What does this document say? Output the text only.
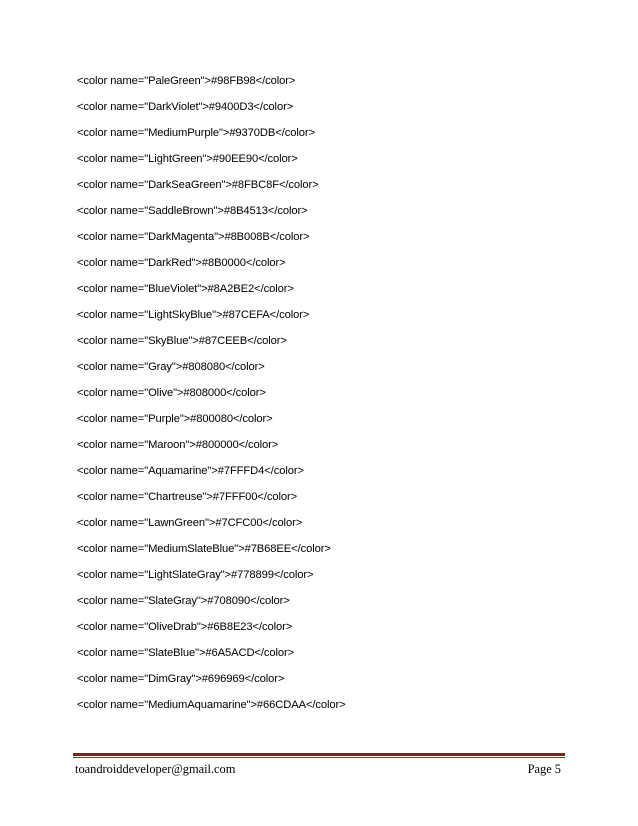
<color name="PaleGreen">#98FB98</color>
<color name="DarkViolet">#9400D3</color>
<color name="MediumPurple">#9370DB</color>
<color name="LightGreen">#90EE90</color>
<color name="DarkSeaGreen">#8FBC8F</color>
<color name="SaddleBrown">#8B4513</color>
<color name="DarkMagenta">#8B008B</color>
<color name="DarkRed">#8B0000</color>
<color name="BlueViolet">#8A2BE2</color>
<color name="LightSkyBlue">#87CEFA</color>
<color name="SkyBlue">#87CEEB</color>
<color name="Gray">#808080</color>
<color name="Olive">#808000</color>
<color name="Purple">#800080</color>
<color name="Maroon">#800000</color>
<color name="Aquamarine">#7FFFD4</color>
<color name="Chartreuse">#7FFF00</color>
<color name="LawnGreen">#7CFC00</color>
<color name="MediumSlateBlue">#7B68EE</color>
<color name="LightSlateGray">#778899</color>
<color name="SlateGray">#708090</color>
<color name="OliveDrab">#6B8E23</color>
<color name="SlateBlue">#6A5ACD</color>
<color name="DimGray">#696969</color>
<color name="MediumAquamarine">#66CDAA</color>
toandroiddeveloper@gmail.com	Page 5
